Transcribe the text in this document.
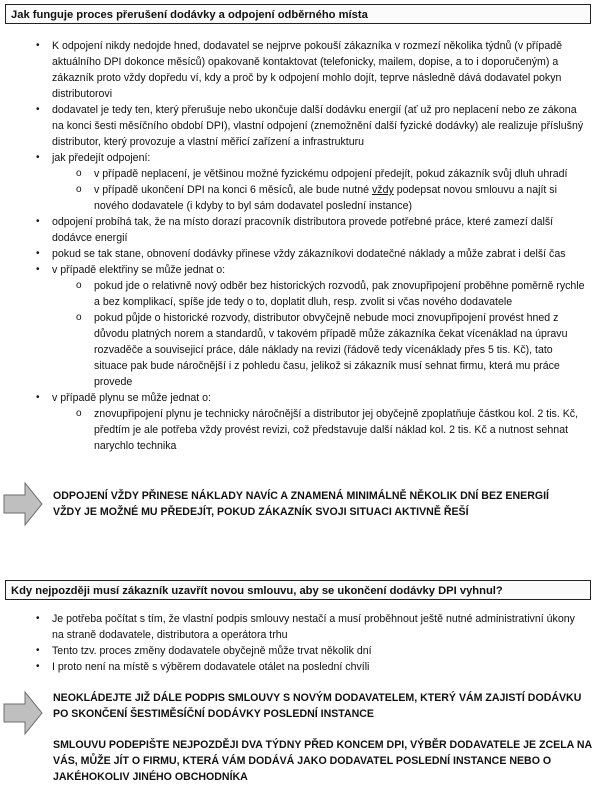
Jak funguje proces přerušení dodávky a odpojení odběrného místa
• K odpojení nikdy nedojde hned, dodavatel se nejprve pokouší zákazníka v rozmezí několika týdnů (v případě aktuálního DPI dokonce měsíců) opakovaně kontaktovat (telefonicky, mailem, dopise, a to i doporučeným) a zákazník proto vždy dopředu ví, kdy a proč by k odpojení mohlo dojít, teprve následně dává dodavatel pokyn distributorovi
• dodavatel je tedy ten, který přerušuje nebo ukončuje další dodávku energií (ať už pro neplacení nebo ze zákona na konci šesti měsíčního období DPI), vlastní odpojení (znemožnění další fyzické dodávky) ale realizuje příslušný distributor, který provozuje a vlastní měřicí zařízení a infrastrukturu
• jak předejít odpojení:
o v případě neplacení, je většinou možné fyzickému odpojení předejít, pokud zákazník svůj dluh uhradí
o v případě ukončení DPI na konci 6 měsíců, ale bude nutné vždy podepsat novou smlouvu a najít si nového dodavatele (i kdyby to byl sám dodavatel poslední instance)
• odpojení probíhá tak, že na místo dorazí pracovník distributora provede potřebné práce, které zamezí další dodávce energií
• pokud se tak stane, obnovení dodávky přinese vždy zákazníkovi dodatečné náklady a může zabrat i delší čas
• v případě elektřiny se může jednat o:
o pokud jde o relativně nový odběr bez historických rozvodů, pak znovupřipojení proběhne poměrně rychle a bez komplikací, spíše jde tedy o to, doplatit dluh, resp. zvolit si včas nového dodavatele
o pokud půjde o historické rozvody, distributor obvyčejně nebude moci znovupřipojení provést hned z důvodu platných norem a standardů, v takovém případě může zákazníka čekat vícenáklad na úpravu rozvaděče a souvisejicí práce, dále náklady na revizi (řádově tedy vícenáklady přes 5 tis. Kč), tato situace pak bude náročnější i z pohledu času, jelikož si zákazník musí sehnat firmu, která mu práce provede
• v případě plynu se může jednat o:
o znovupřipojení plynu je technicky náročnější a distributor jej obyčejně zpoplatňuje částkou kol. 2 tis. Kč, předtím je ale potřeba vždy provést revizi, což představuje další náklad kol. 2 tis. Kč a nutnost sehnat narychlo technika

ODPOJENÍ VŽDY PŘINESE NÁKLADY NAVÍC A ZNAMENÁ MINIMÁLNĚ NĚKOLIK DNÍ BEZ ENERGIÍ

VŽDY JE MOŽNÉ MU PŘEDEJÍT, POKUD ZÁKAZNÍK SVOJI SITUACI AKTIVNĚ ŘEŠÍ

Kdy nejpozději musí zákazník uzavřít novou smlouvu, aby se ukončení dodávky DPI vyhnul?
• Je potřeba počítat s tím, že vlastní podpis smlouvy nestačí a musí proběhnout ještě nutné administrativní úkony na straně dodavatele, distributora a operátora trhu
• Tento tzv. proces změny dodavatele obyčejně může trvat několik dní
• I proto není na místě s výběrem dodavatele otálet na poslední chvíli

NEOKLÁDEJTE JIŽ DÁLE PODPIS SMLOUVY S NOVÝM DODAVATELEM, KTERÝ VÁM ZAJISTÍ DODÁVKU PO SKONČENÍ ŠESTIMĚSÍČNÍ DODÁVKY POSLEDNÍ INSTANCE

SMLOUVU PODEPIŠTE NEJPOZDĚJI DVA TÝDNY PŘED KONCEM DPI, VÝBĚR DODAVATELE JE ZCELA NA VÁS, MŮŽE JÍT O FIRMU, KTERÁ VÁM DODÁVÁ JAKO DODAVATEL POSLEDNÍ INSTANCE NEBO O JAKÉHOKOLIV JINÉHO OBCHODNÍKA
